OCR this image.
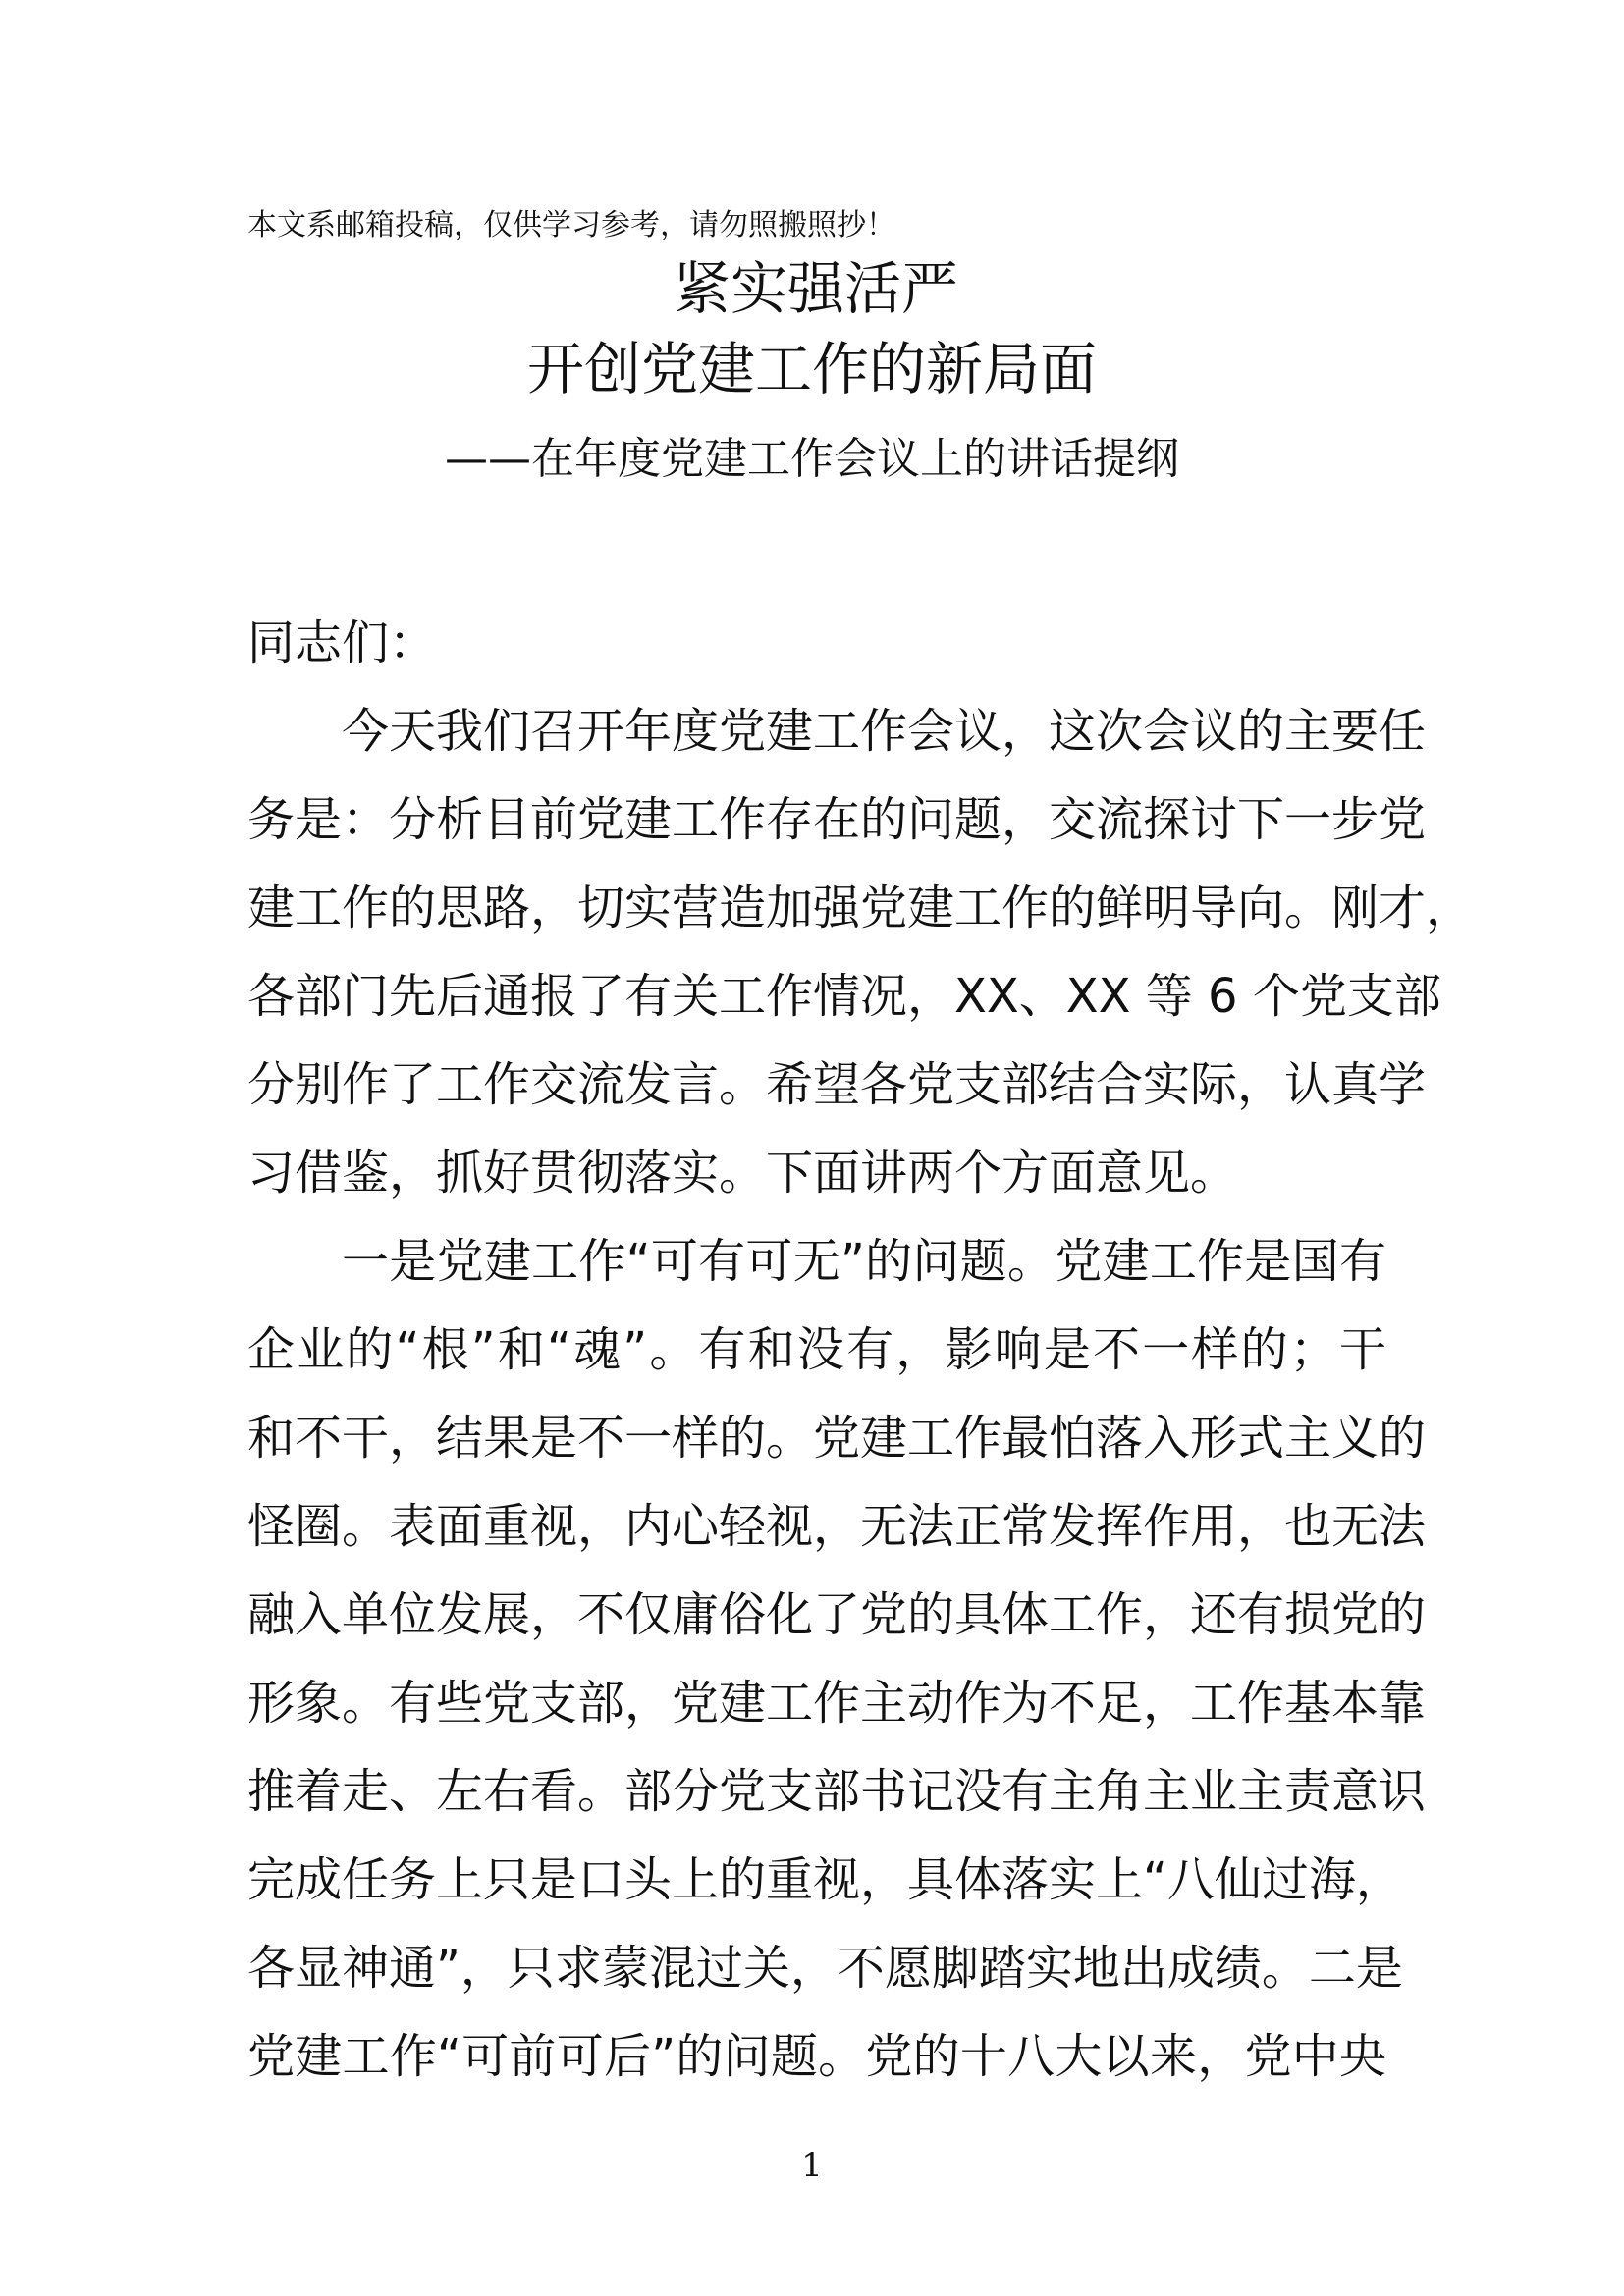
本文系邮箱投稿，仅供学习参考，请勿照搬照抄！
紧实强活严
开创党建工作的新局面
——在年度党建工作会议上的讲话提纲
同志们：
今天我们召开年度党建工作会议，这次会议的主要任
务是：分析目前党建工作存在的问题，交流探讨下一步党
建工作的思路，切实营造加强党建工作的鲜明导向。刚才，
各部门先后通报了有关工作情况，XX、XX 等 6 个党支部
分别作了工作交流发言。希望各党支部结合实际，认真学
习借鉴，抓好贯彻落实。下面讲两个方面意见。
一是党建工作“可有可无”的问题。党建工作是国有
企业的“根”和“魂”。有和没有，影响是不一样的；干
和不干，结果是不一样的。党建工作最怕落入形式主义的
怪圈。表面重视，内心轻视，无法正常发挥作用，也无法
融入单位发展，不仅庸俗化了党的具体工作，还有损党的
形象。有些党支部，党建工作主动作为不足，工作基本靠
推着走、左右看。部分党支部书记没有主角主业主责意识
完成任务上只是口头上的重视，具体落实上“八仙过海，
各显神通”，只求蒙混过关，不愿脚踏实地出成绩。二是
党建工作“可前可后”的问题。党的十八大以来，党中央
1
